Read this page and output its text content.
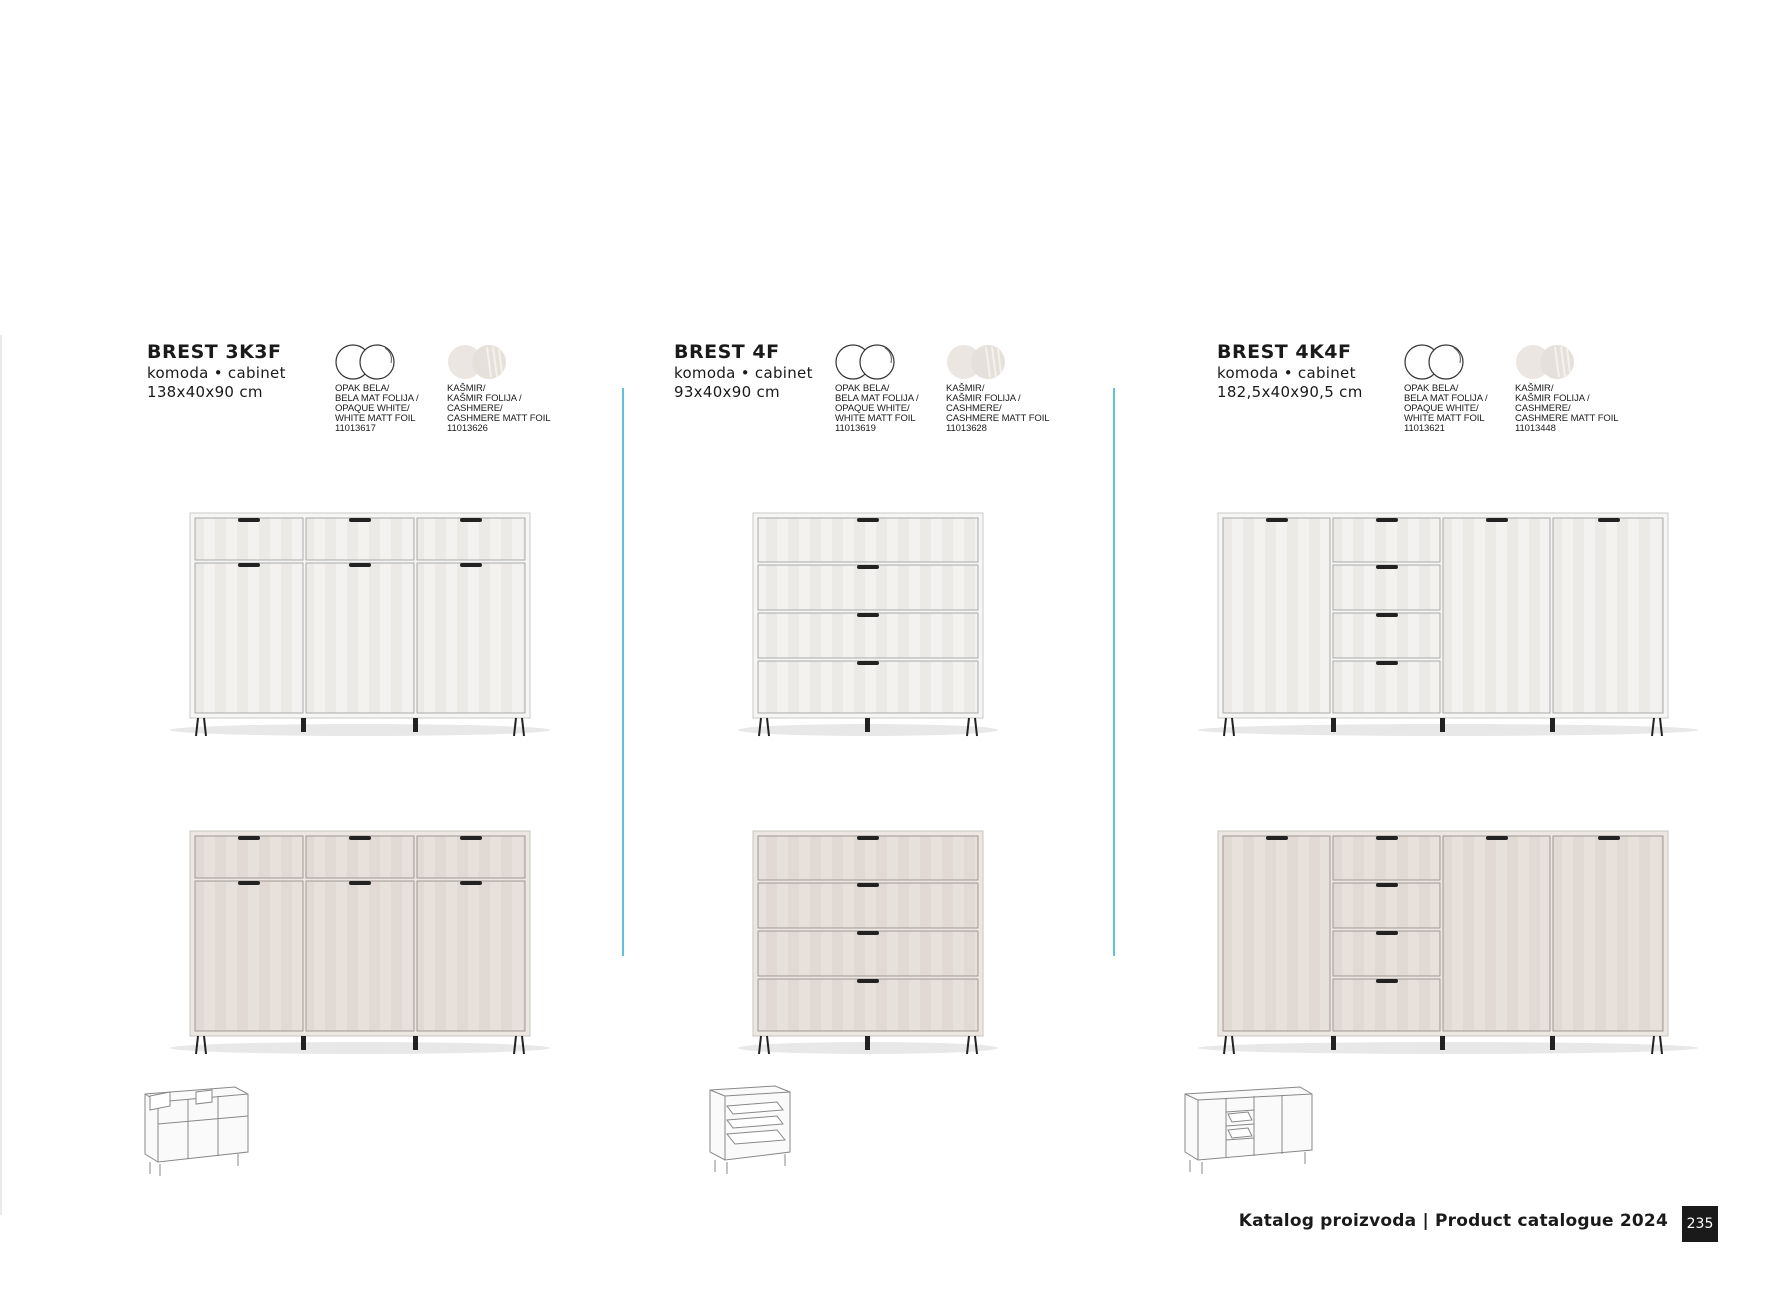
BREST 3K3F
komoda • cabinet
138x40x90 cm	OPAK BELA/
BELA MAT FOLIJA /
OPAQUE WHITE/
WHITE MATT FOIL
11013617
KAŠMIR/
KAŠMIR FOLIJA /
CASHMERE/
CASHMERE MATT FOIL
11013626
BREST 4F
komoda • cabinet
93x40x90 cm	OPAK BELA/
BELA MAT FOLIJA /
OPAQUE WHITE/
WHITE MATT FOIL
11013619
KAŠMIR/
KAŠMIR FOLIJA /
CASHMERE/
CASHMERE MATT FOIL
11013628
BREST 4K4F
komoda • cabinet
182,5x40x90,5 cm	OPAK BELA/
BELA MAT FOLIJA /
OPAQUE WHITE/
WHITE MATT FOIL
11013621
KAŠMIR/
KAŠMIR FOLIJA /
CASHMERE/
CASHMERE MATT FOIL
11013448
Katalog proizvoda | Product catalogue 2024	235
